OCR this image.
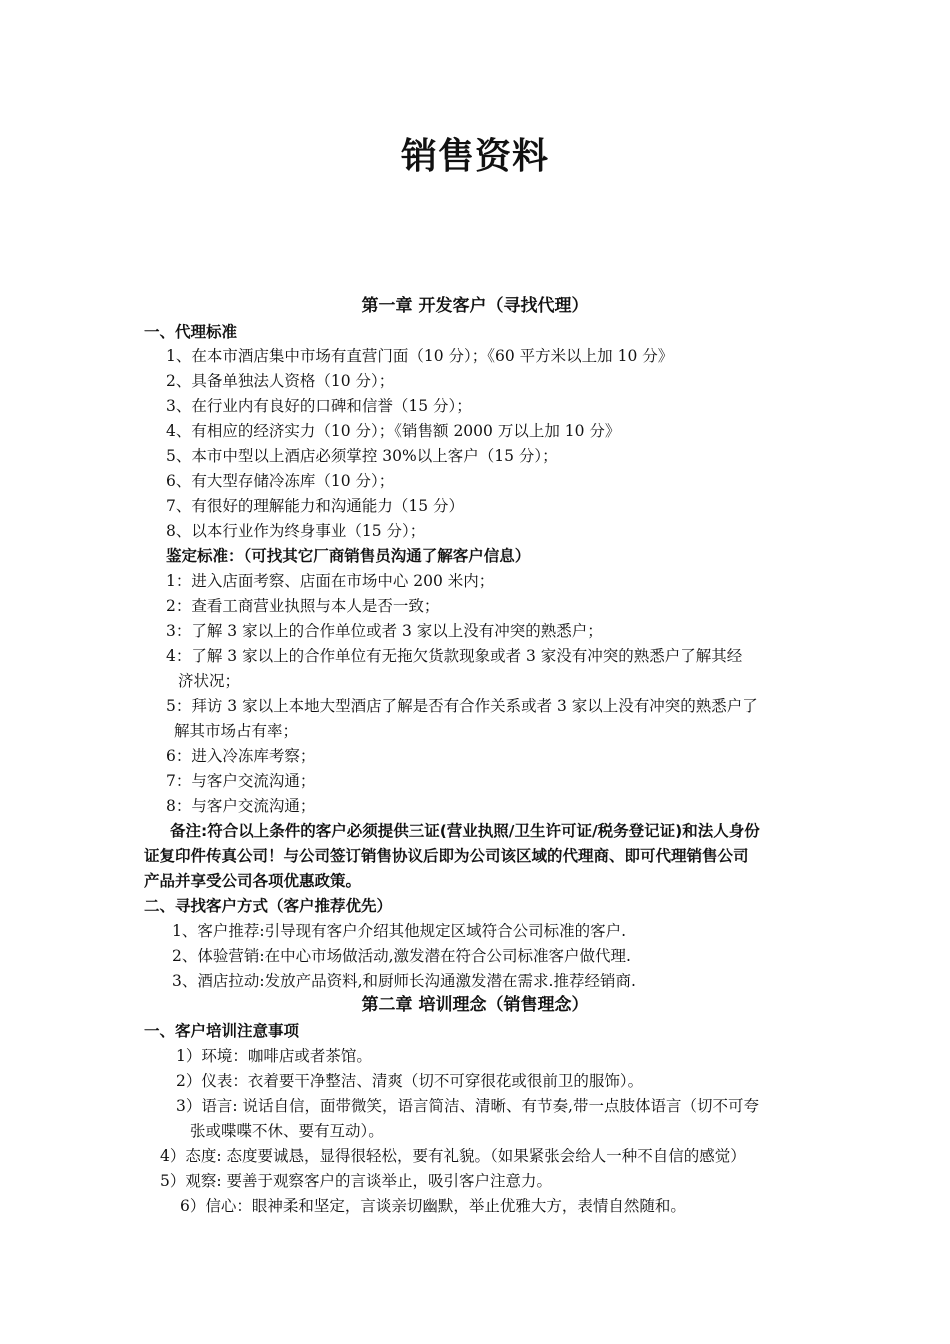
销售资料
第一章 开发客户（寻找代理）
一、代理标准
1、在本市酒店集中市场有直营门面（10 分）；《60 平方米以上加 10 分》
2、具备单独法人资格（10 分）；
3、在行业内有良好的口碑和信誉（15 分）；
4、有相应的经济实力（10 分）；《销售额 2000 万以上加 10 分》
5、本市中型以上酒店必须掌控 30%以上客户（15 分）；
6、有大型存储冷冻库（10 分）；
7、有很好的理解能力和沟通能力（15 分）
8、以本行业作为终身事业（15 分）；
鉴定标准：（可找其它厂商销售员沟通了解客户信息）
1：进入店面考察、店面在市场中心 200 米内；
2：查看工商营业执照与本人是否一致；
3：了解 3 家以上的合作单位或者 3 家以上没有冲突的熟悉户；
4：了解 3 家以上的合作单位有无拖欠货款现象或者 3 家没有冲突的熟悉户了解其经
济状况；
5：拜访 3 家以上本地大型酒店了解是否有合作关系或者 3 家以上没有冲突的熟悉户了
解其市场占有率；
6：进入冷冻库考察；
7：与客户交流沟通；
8：与客户交流沟通；
备注:符合以上条件的客户必须提供三证(营业执照/卫生许可证/税务登记证)和法人身份
证复印件传真公司！与公司签订销售协议后即为公司该区域的代理商、即可代理销售公司
产品并享受公司各项优惠政策。
二、寻找客户方式（客户推荐优先）
1、客户推荐:引导现有客户介绍其他规定区域符合公司标准的客户.
2、体验营销:在中心市场做活动,激发潜在符合公司标准客户做代理.
3、酒店拉动:发放产品资料,和厨师长沟通激发潜在需求.推荐经销商.
第二章 培训理念（销售理念）
一、客户培训注意事项
1）环境：咖啡店或者茶馆。
2）仪表：衣着要干净整洁、清爽（切不可穿很花或很前卫的服饰）。
3）语言: 说话自信，面带微笑，语言简洁、清晰、有节奏,带一点肢体语言（切不可夸
张或喋喋不休、要有互动）。
4）态度: 态度要诚恳，显得很轻松，要有礼貌。（如果紧张会给人一种不自信的感觉）
5）观察: 要善于观察客户的言谈举止，吸引客户注意力。
6）信心：眼神柔和坚定，言谈亲切幽默，举止优雅大方，表情自然随和。
